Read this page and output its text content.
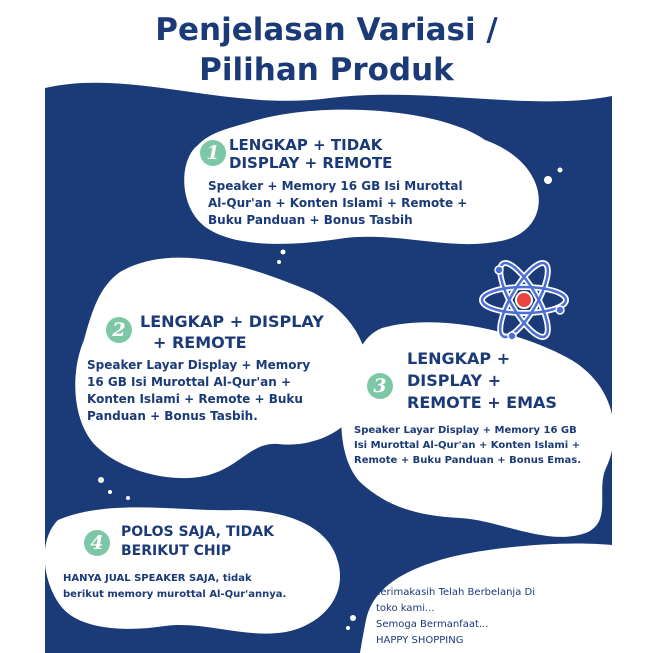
Penjelasan Variasi /
Pilihan Produk
1 LENGKAP + TIDAK
DISPLAY + REMOTE
Speaker + Memory 16 GB Isi Murottal
Al-Qur'an + Konten Islami + Remote +
Buku Panduan + Bonus Tasbih
2 LENGKAP + DISPLAY
+ REMOTE
Speaker Layar Display + Memory
16 GB Isi Murottal Al-Qur'an +
Konten Islami + Remote + Buku
Panduan + Bonus Tasbih.
3
LENGKAP +
DISPLAY +
REMOTE + EMAS
Speaker Layar Display + Memory 16 GB
Isi Murottal Al-Qur'an + Konten Islami +
Remote + Buku Panduan + Bonus Emas.
4	POLOS SAJA, TIDAK
BERIKUT CHIP
HANYA JUAL SPEAKER SAJA, tidak
berikut memory murottal Al-Qur'annya.	Terimakasih Telah Berbelanja Di

toko kami...

Semoga Bermanfaat...

HAPPY SHOPPING
